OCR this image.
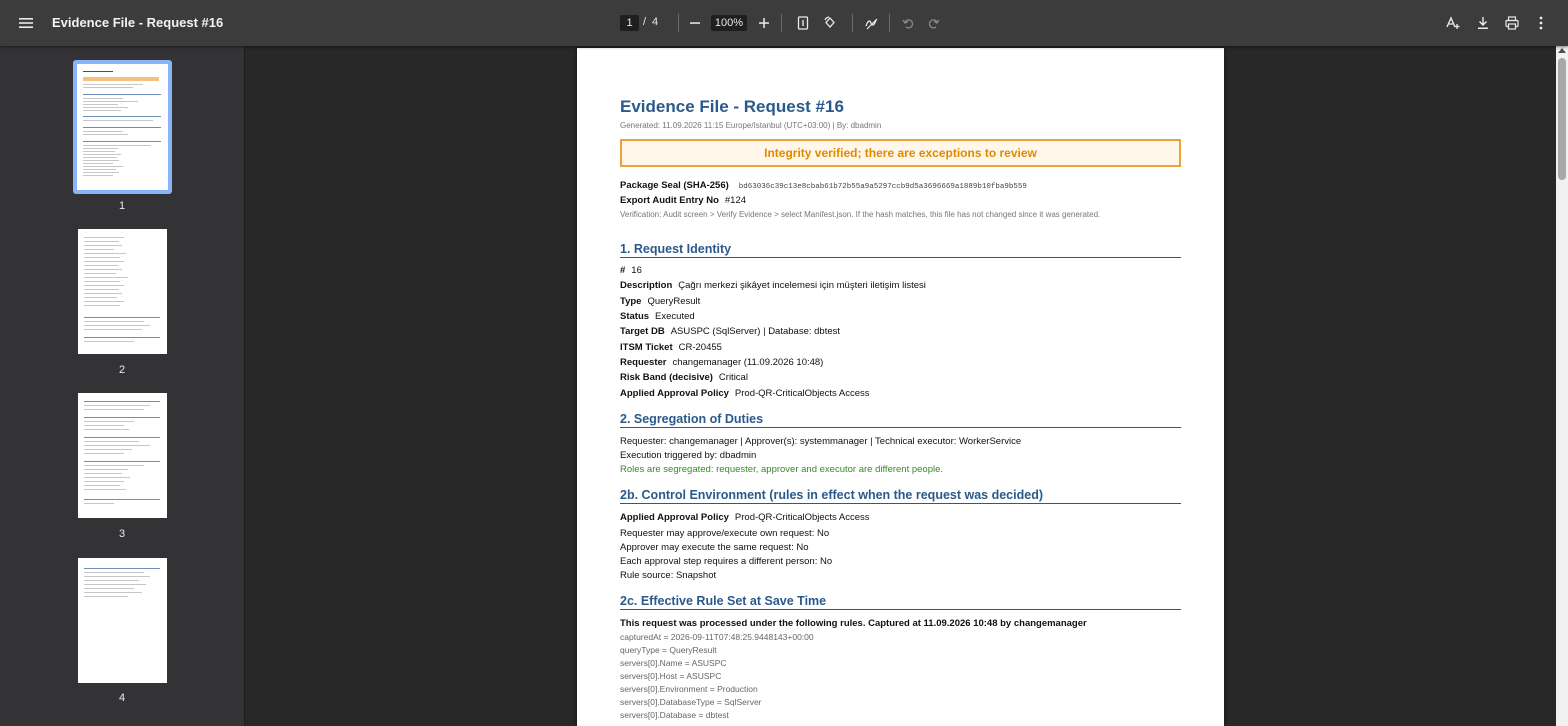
Evidence File - Request #16	1 / 4	100%
1
2
3
4
Evidence File - Request #16
Generated: 11.09.2026 11:15 Europe/Istanbul (UTC+03:00) | By: dbadmin
Integrity verified; there are exceptions to review
Package Seal (SHA-256) bd63036c39c13e8cbab61b72b55a9a5297ccb9d5a3696669a1889b10fba9b559
Export Audit Entry No #124
Verification: Audit screen > Verify Evidence > select Manifest.json. If the hash matches, this file has not changed since it was generated.
1. Request Identity
# 16
Description Çağrı merkezi şikâyet incelemesi için müşteri iletişim listesi
Type QueryResult
Status Executed
Target DB ASUSPC (SqlServer) | Database: dbtest
ITSM Ticket CR-20455
Requester changemanager (11.09.2026 10:48)
Risk Band (decisive) Critical
Applied Approval Policy Prod-QR-CriticalObjects Access
2. Segregation of Duties
Requester: changemanager | Approver(s): systemmanager | Technical executor: WorkerService
Execution triggered by: dbadmin
Roles are segregated: requester, approver and executor are different people.
2b. Control Environment (rules in effect when the request was decided)
Applied Approval Policy Prod-QR-CriticalObjects Access
Requester may approve/execute own request: No
Approver may execute the same request: No
Each approval step requires a different person: No
Rule source: Snapshot
2c. Effective Rule Set at Save Time
This request was processed under the following rules. Captured at 11.09.2026 10:48 by changemanager
capturedAt = 2026-09-11T07:48:25.9448143+00:00
queryType = QueryResult
servers[0].Name = ASUSPC
servers[0].Host = ASUSPC
servers[0].Environment = Production
servers[0].DatabaseType = SqlServer
servers[0].Database = dbtest
